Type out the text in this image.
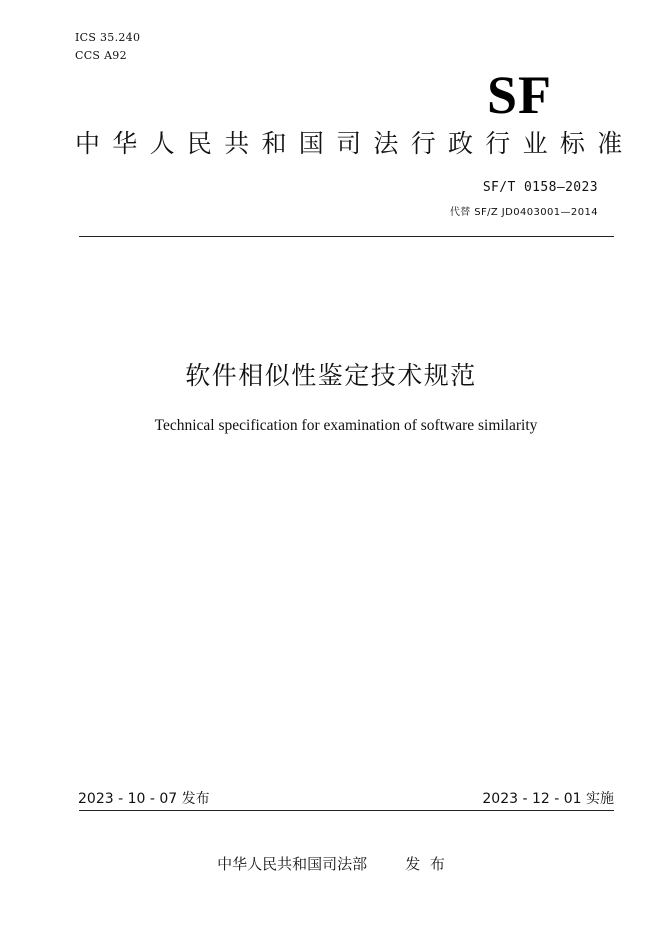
ICS 35.240
CCS A92
SF
中华人民共和国司法行政行业标准
SF/T 0158—2023
代替 SF/Z JD0403001—2014
软件相似性鉴定技术规范
Technical specification for examination of software similarity
2023 - 10 - 07 发布	2023 - 12 - 01 实施
中华人民共和国司法部        发  布
